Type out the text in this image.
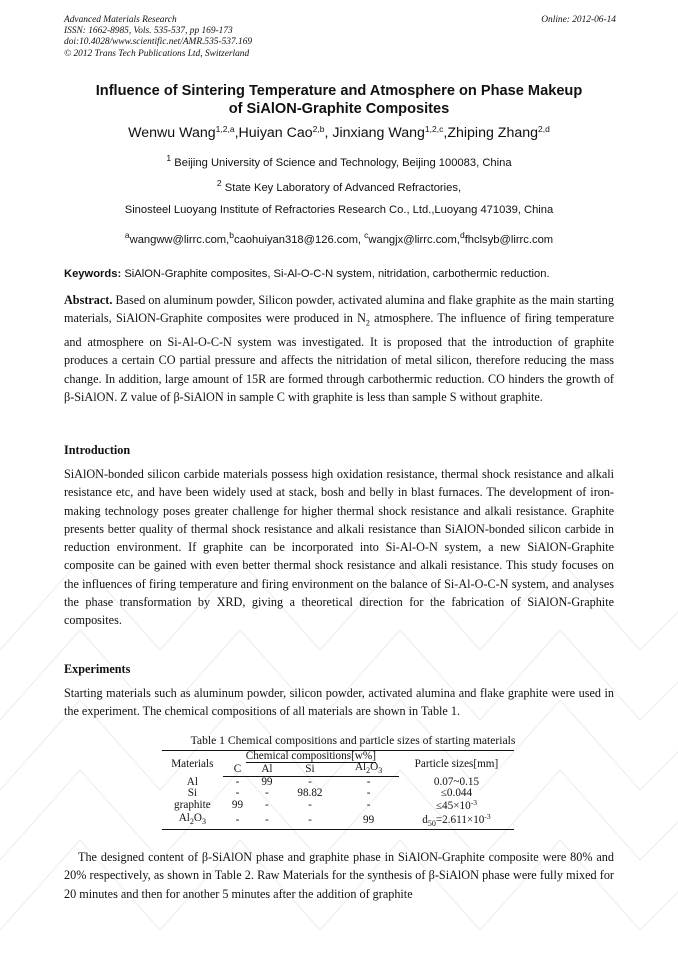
Advanced Materials Research
ISSN: 1662-8985, Vols. 535-537, pp 169-173
doi:10.4028/www.scientific.net/AMR.535-537.169
© 2012 Trans Tech Publications Ltd, Switzerland
Online: 2012-06-14
Influence of Sintering Temperature and Atmosphere on Phase Makeup
of SiAlON-Graphite Composites
Wenwu Wang$^{1,2,a}$,Huiyan Cao$^{2,b}$, Jinxiang Wang$^{1,2,c}$,Zhiping Zhang$^{2,d}$
$^1$ Beijing University of Science and Technology, Beijing 100083, China
$^2$ State Key Laboratory of Advanced Refractories,
Sinosteel Luoyang Institute of Refractories Research Co., Ltd.,Luoyang 471039, China
$^a$wangww@lirrc.com,$^b$caohuiyan318@126.com, $^c$wangjx@lirrc.com,$^d$fhclsyb@lirrc.com
Keywords: SiAlON-Graphite composites, Si-Al-O-C-N system, nitridation, carbothermic reduction.

Abstract. Based on aluminum powder, Silicon powder, activated alumina and flake graphite as the main starting materials, SiAlON-Graphite composites were produced in $N_2$ atmosphere. The influence of firing temperature and atmosphere on Si-Al-O-C-N system was investigated. It is proposed that the introduction of graphite produces a certain CO partial pressure and affects the nitridation of metal silicon, therefore reducing the mass change. In addition, large amount of 15R are formed through carbothermic reduction. CO hinders the growth of β-SiAlON. Z value of β-SiAlON in sample C with graphite is less than sample S without graphite.

Introduction

SiAlON-bonded silicon carbide materials possess high oxidation resistance, thermal shock resistance and alkali resistance etc, and have been widely used at stack, bosh and belly in blast furnaces. The development of iron-making technology poses greater challenge for higher thermal shock resistance and alkali resistance. Graphite presents better quality of thermal shock resistance and alkali resistance than SiAlON-bonded silicon carbide in reduction environment. If graphite can be incorporated into Si-Al-O-N system, a new SiAlON-Graphite composite can be gained with even better thermal shock resistance and alkali resistance. This study focuses on the influences of firing temperature and firing environment on the balance of Si-Al-O-C-N system, and analyses the phase transformation by XRD, giving a theoretical direction for the fabrication of SiAlON-Graphite composites.

Experiments

Starting materials such as aluminum powder, silicon powder, activated alumina and flake graphite were used in the experiment. The chemical compositions of all materials are shown in Table 1.

Table 1 Chemical compositions and particle sizes of starting materials
Materials	Chemical compositions[w%]				Particle sizes[mm]
	C	Al	Si	$Al_2O_3$
Al	-	99	-	-	0.07~0.15
Si	-	-	98.82	-	≤0.044
graphite	99	-	-	-	$\le 45\times 10^{-3}$
$Al_2O_3$	-	-	-	99	$d_{50}=2.611\times 10^{-3}$

The designed content of β-SiAlON phase and graphite phase in SiAlON-Graphite composite were 80% and 20% respectively, as shown in Table 2. Raw Materials for the synthesis of β-SiAlON phase were fully mixed for 20 minutes and then for another 5 minutes after the addition of graphite
